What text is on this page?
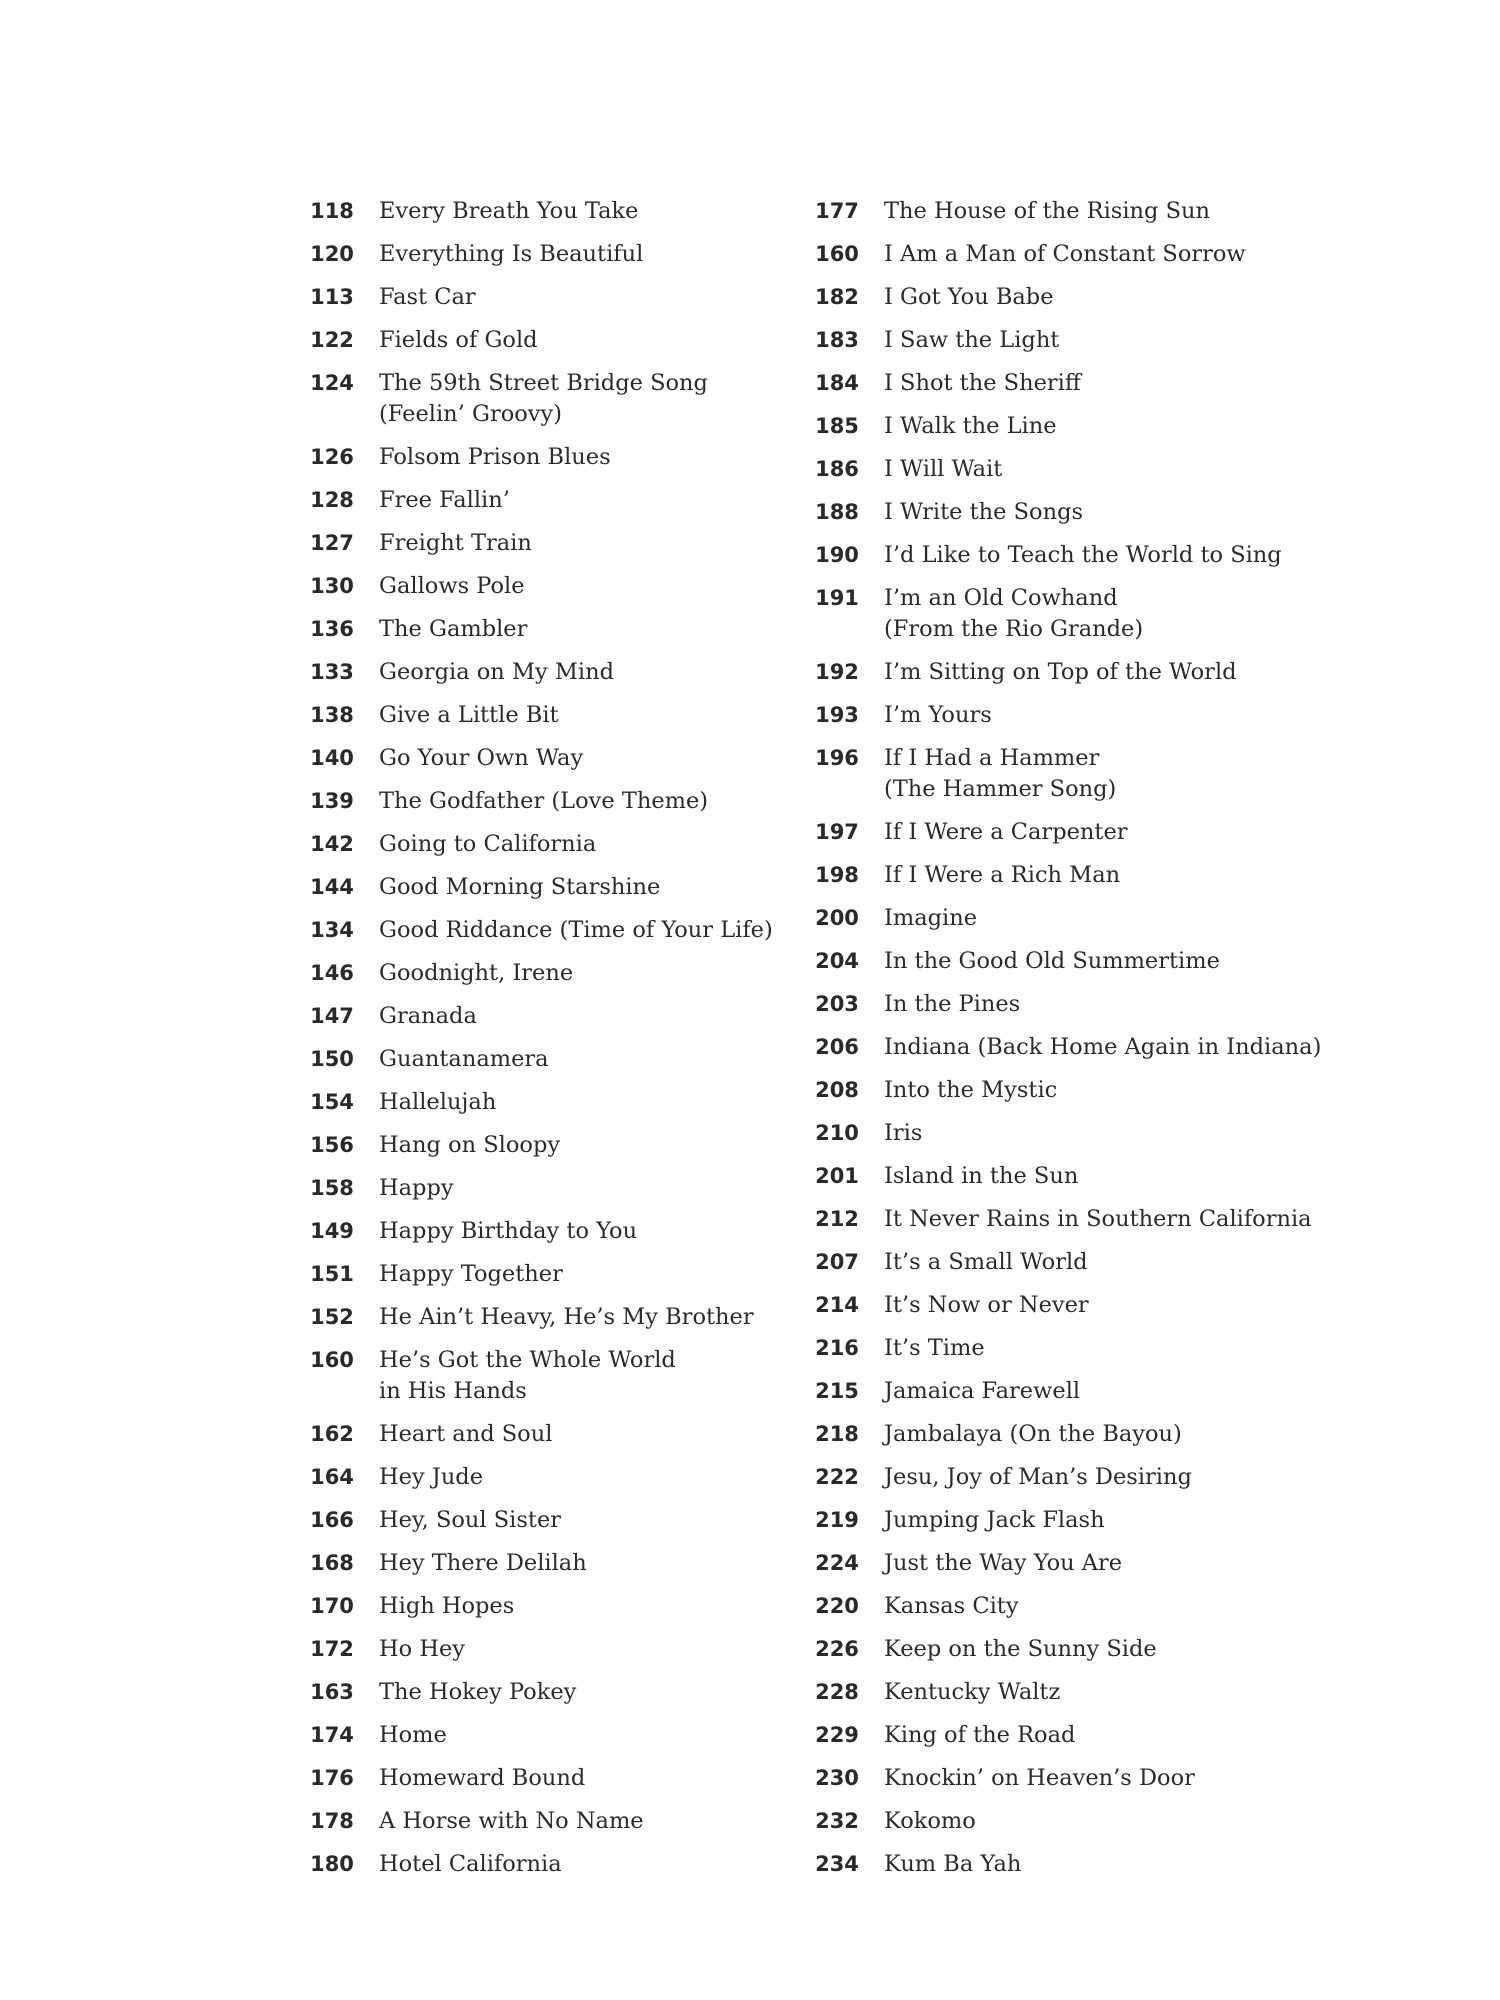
118 Every Breath You Take
120 Everything Is Beautiful
113 Fast Car
122 Fields of Gold
124 The 59th Street Bridge Song
(Feelin’ Groovy)
126 Folsom Prison Blues
128 Free Fallin’
127 Freight Train
130 Gallows Pole
136 The Gambler
133 Georgia on My Mind
138 Give a Little Bit
140 Go Your Own Way
139 The Godfather (Love Theme)
142 Going to California
144 Good Morning Starshine
134 Good Riddance (Time of Your Life)
146 Goodnight, Irene
147 Granada
150 Guantanamera
154 Hallelujah
156 Hang on Sloopy
158 Happy
149 Happy Birthday to You
151 Happy Together
152 He Ain’t Heavy, He’s My Brother
160 He’s Got the Whole World
in His Hands
162 Heart and Soul
164 Hey Jude
166 Hey, Soul Sister
168 Hey There Delilah
170 High Hopes
172 Ho Hey
163 The Hokey Pokey
174 Home
176 Homeward Bound
178 A Horse with No Name
180 Hotel California
177 The House of the Rising Sun
160 I Am a Man of Constant Sorrow
182 I Got You Babe
183 I Saw the Light
184 I Shot the Sheriff
185 I Walk the Line
186 I Will Wait
188 I Write the Songs
190 I’d Like to Teach the World to Sing
191 I’m an Old Cowhand
(From the Rio Grande)
192 I’m Sitting on Top of the World
193 I’m Yours
196 If I Had a Hammer
(The Hammer Song)
197 If I Were a Carpenter
198 If I Were a Rich Man
200 Imagine
204 In the Good Old Summertime
203 In the Pines
206 Indiana (Back Home Again in Indiana)
208 Into the Mystic
210 Iris
201 Island in the Sun
212 It Never Rains in Southern California
207 It’s a Small World
214 It’s Now or Never
216 It’s Time
215 Jamaica Farewell
218 Jambalaya (On the Bayou)
222 Jesu, Joy of Man’s Desiring
219 Jumping Jack Flash
224 Just the Way You Are
220 Kansas City
226 Keep on the Sunny Side
228 Kentucky Waltz
229 King of the Road
230 Knockin’ on Heaven’s Door
232 Kokomo
234 Kum Ba Yah
